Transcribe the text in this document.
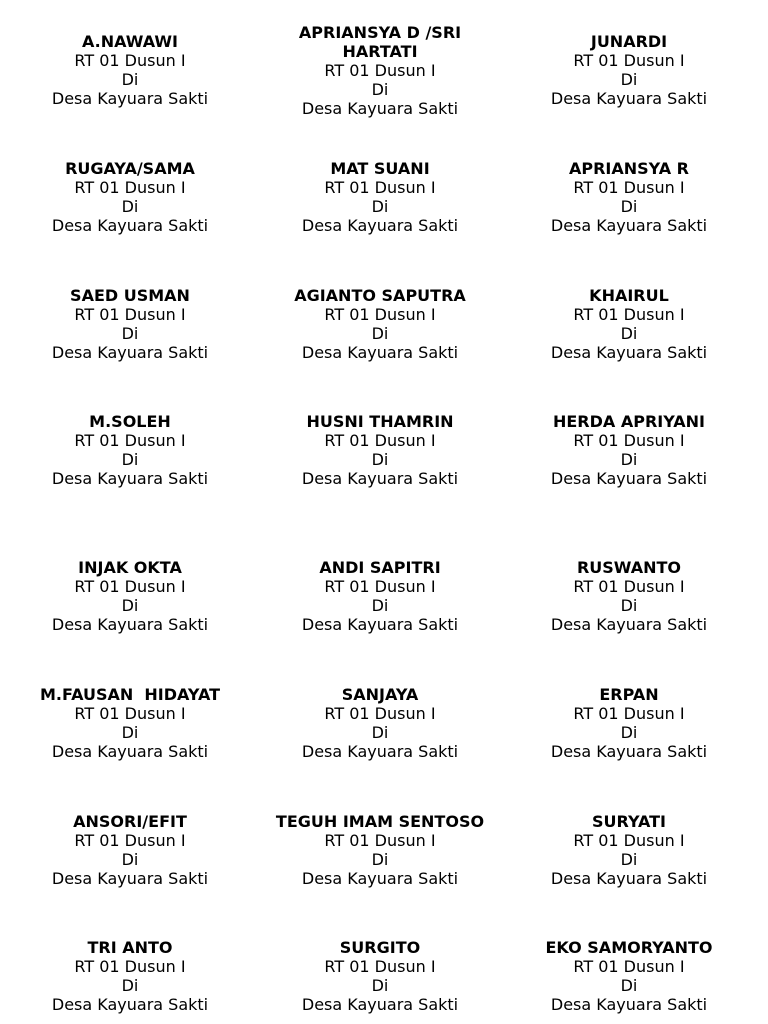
A.NAWAWI
RT 01 Dusun I
Di
Desa Kayuara Sakti
APRIANSYA D /SRI HARTATI
RT 01 Dusun I
Di
Desa Kayuara Sakti
JUNARDI
RT 01 Dusun I
Di
Desa Kayuara Sakti
RUGAYA/SAMA
RT 01 Dusun I
Di
Desa Kayuara Sakti
MAT SUANI
RT 01 Dusun I
Di
Desa Kayuara Sakti
APRIANSYA R
RT 01 Dusun I
Di
Desa Kayuara Sakti
SAED USMAN
RT 01 Dusun I
Di
Desa Kayuara Sakti
AGIANTO SAPUTRA
RT 01 Dusun I
Di
Desa Kayuara Sakti
KHAIRUL
RT 01 Dusun I
Di
Desa Kayuara Sakti
M.SOLEH
RT 01 Dusun I
Di
Desa Kayuara Sakti
HUSNI THAMRIN
RT 01 Dusun I
Di
Desa Kayuara Sakti
HERDA APRIYANI
RT 01 Dusun I
Di
Desa Kayuara Sakti
INJAK OKTA
RT 01 Dusun I
Di
Desa Kayuara Sakti
ANDI SAPITRI
RT 01 Dusun I
Di
Desa Kayuara Sakti
RUSWANTO
RT 01 Dusun I
Di
Desa Kayuara Sakti
M.FAUSAN  HIDAYAT
RT 01 Dusun I
Di
Desa Kayuara Sakti
SANJAYA
RT 01 Dusun I
Di
Desa Kayuara Sakti
ERPAN
RT 01 Dusun I
Di
Desa Kayuara Sakti
ANSORI/EFIT
RT 01 Dusun I
Di
Desa Kayuara Sakti
TEGUH IMAM SENTOSO
RT 01 Dusun I
Di
Desa Kayuara Sakti
SURYATI
RT 01 Dusun I
Di
Desa Kayuara Sakti
TRI ANTO
RT 01 Dusun I
Di
Desa Kayuara Sakti
SURGITO
RT 01 Dusun I
Di
Desa Kayuara Sakti
EKO SAMORYANTO
RT 01 Dusun I
Di
Desa Kayuara Sakti
